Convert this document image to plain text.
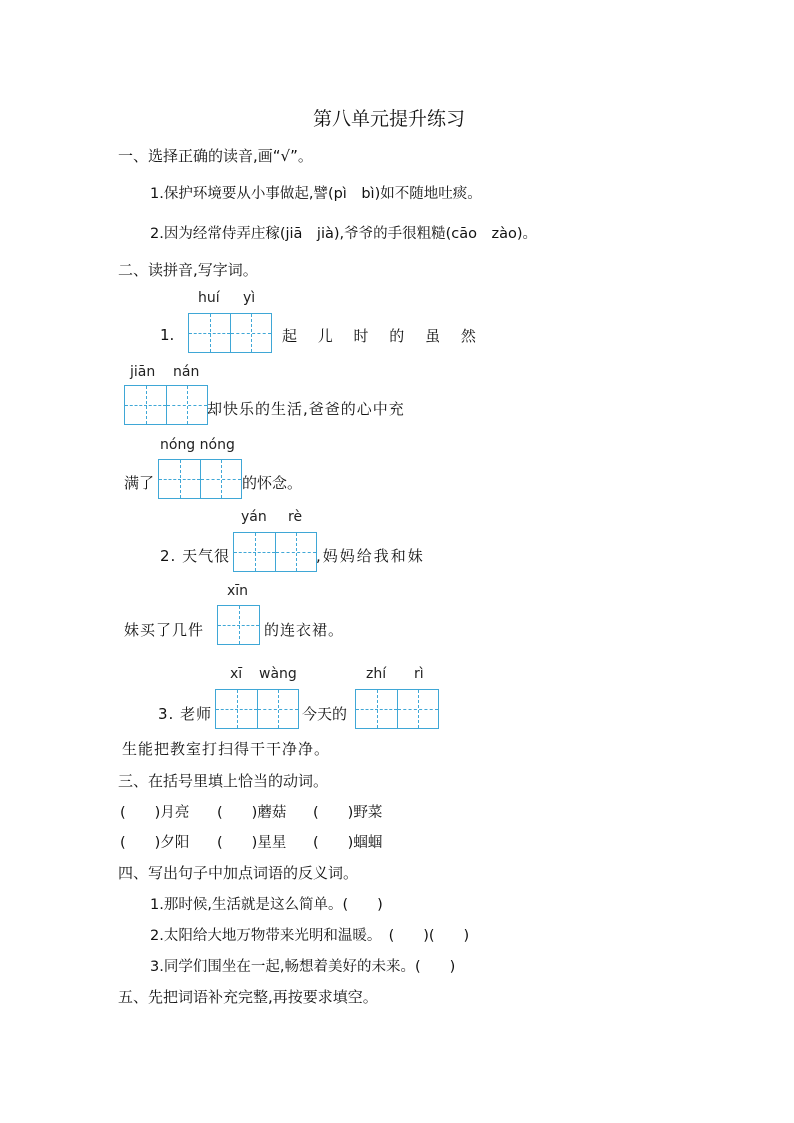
第八单元提升练习
一、选择正确的读音,画“√”。
1.保护环境要从小事做起,譬(pì　bì)如不随地吐痰。
2.因为经常侍弄庄稼(jiā　jià),爷爷的手很粗糙(cāo　zào)。
二、读拼音,写字词。
huí yì
1.	起 儿 时 的 虽 然
jiān nán
却快乐的生活,爸爸的心中充
nóng nóng
满了	的怀念。
yán rè
2. 天气很	,妈妈给我和妹
xīn
妹买了几件	的连衣裙。
xī wàng	zhí rì
3. 老师	今天的
生能把教室打扫得干干净净。
三、在括号里填上恰当的动词。
(　　)月亮 (　　)蘑菇 (　　)野菜
(　　)夕阳 (　　)星星 (　　)蝈蝈
四、写出句子中加点词语的反义词。
1.那时候,生活就是这么简单。(　　)
2.太阳给大地万物带来光明和温暖。　(　　)(　　)
3.同学们围坐在一起,畅想着美好的未来。(　　)
五、先把词语补充完整,再按要求填空。
